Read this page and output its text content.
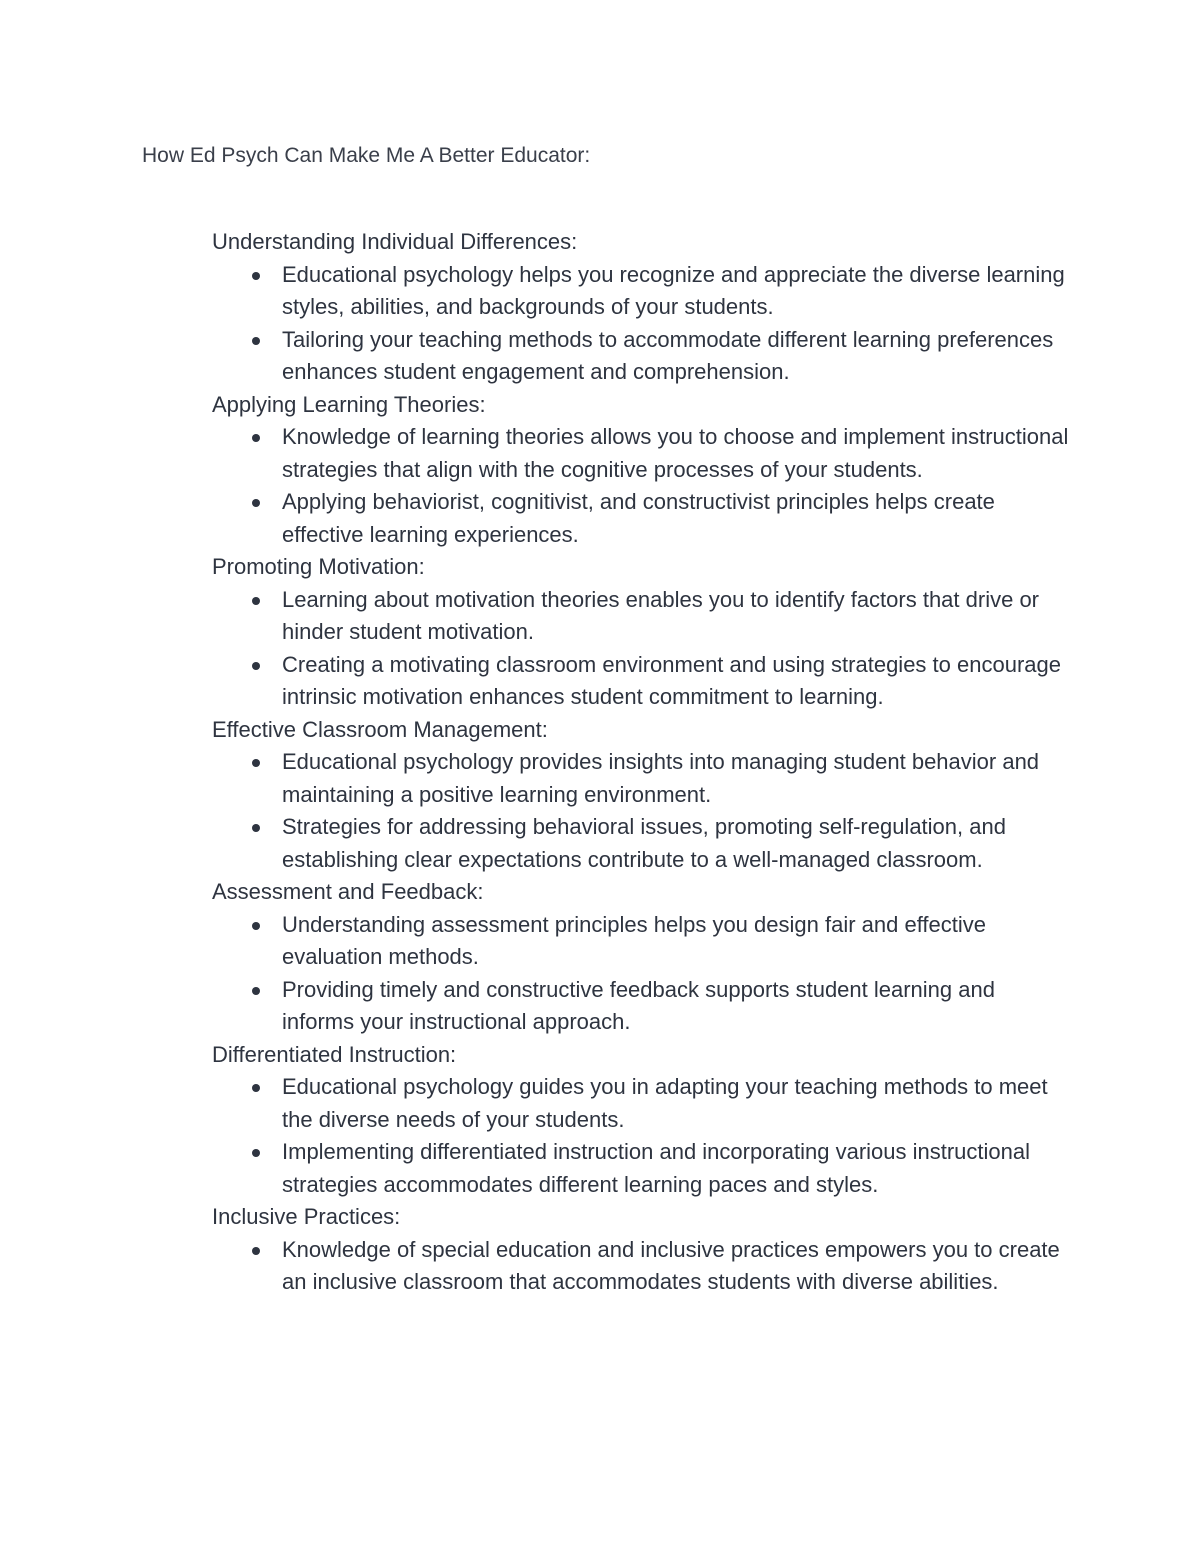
How Ed Psych Can Make Me A Better Educator:
Understanding Individual Differences:
Educational psychology helps you recognize and appreciate the diverse learning styles, abilities, and backgrounds of your students.
Tailoring your teaching methods to accommodate different learning preferences enhances student engagement and comprehension.
Applying Learning Theories:
Knowledge of learning theories allows you to choose and implement instructional strategies that align with the cognitive processes of your students.
Applying behaviorist, cognitivist, and constructivist principles helps create effective learning experiences.
Promoting Motivation:
Learning about motivation theories enables you to identify factors that drive or hinder student motivation.
Creating a motivating classroom environment and using strategies to encourage intrinsic motivation enhances student commitment to learning.
Effective Classroom Management:
Educational psychology provides insights into managing student behavior and maintaining a positive learning environment.
Strategies for addressing behavioral issues, promoting self-regulation, and establishing clear expectations contribute to a well-managed classroom.
Assessment and Feedback:
Understanding assessment principles helps you design fair and effective evaluation methods.
Providing timely and constructive feedback supports student learning and informs your instructional approach.
Differentiated Instruction:
Educational psychology guides you in adapting your teaching methods to meet the diverse needs of your students.
Implementing differentiated instruction and incorporating various instructional strategies accommodates different learning paces and styles.
Inclusive Practices:
Knowledge of special education and inclusive practices empowers you to create an inclusive classroom that accommodates students with diverse abilities.
